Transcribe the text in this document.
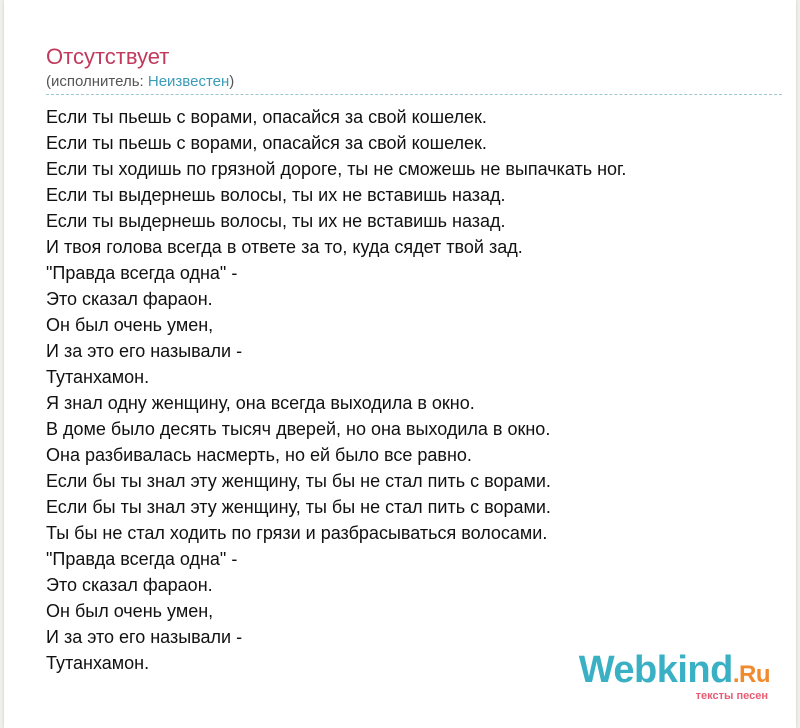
Отсутствует
(исполнитель: Неизвестен)
Если ты пьешь с ворами, опасайся за свой кошелек.
Если ты пьешь с ворами, опасайся за свой кошелек.
Если ты ходишь по грязной дороге, ты не сможешь не выпачкать ног.
Если ты выдернешь волосы, ты их не вставишь назад.
Если ты выдернешь волосы, ты их не вставишь назад.
И твоя голова всегда в ответе за то, куда сядет твой зад.
"Правда всегда одна" -
Это сказал фараон.
Он был очень умен,
И за это его называли -
Тутанхамон.
Я знал одну женщину, она всегда выходила в окно.
В доме было десять тысяч дверей, но она выходила в окно.
Она разбивалась насмерть, но ей было все равно.
Если бы ты знал эту женщину, ты бы не стал пить с ворами.
Если бы ты знал эту женщину, ты бы не стал пить с ворами.
Ты бы не стал ходить по грязи и разбрасываться волосами.
"Правда всегда одна" -
Это сказал фараон.
Он был очень умен,
И за это его называли -
Тутанхамон.	Webkind.Ru
тексты песен
